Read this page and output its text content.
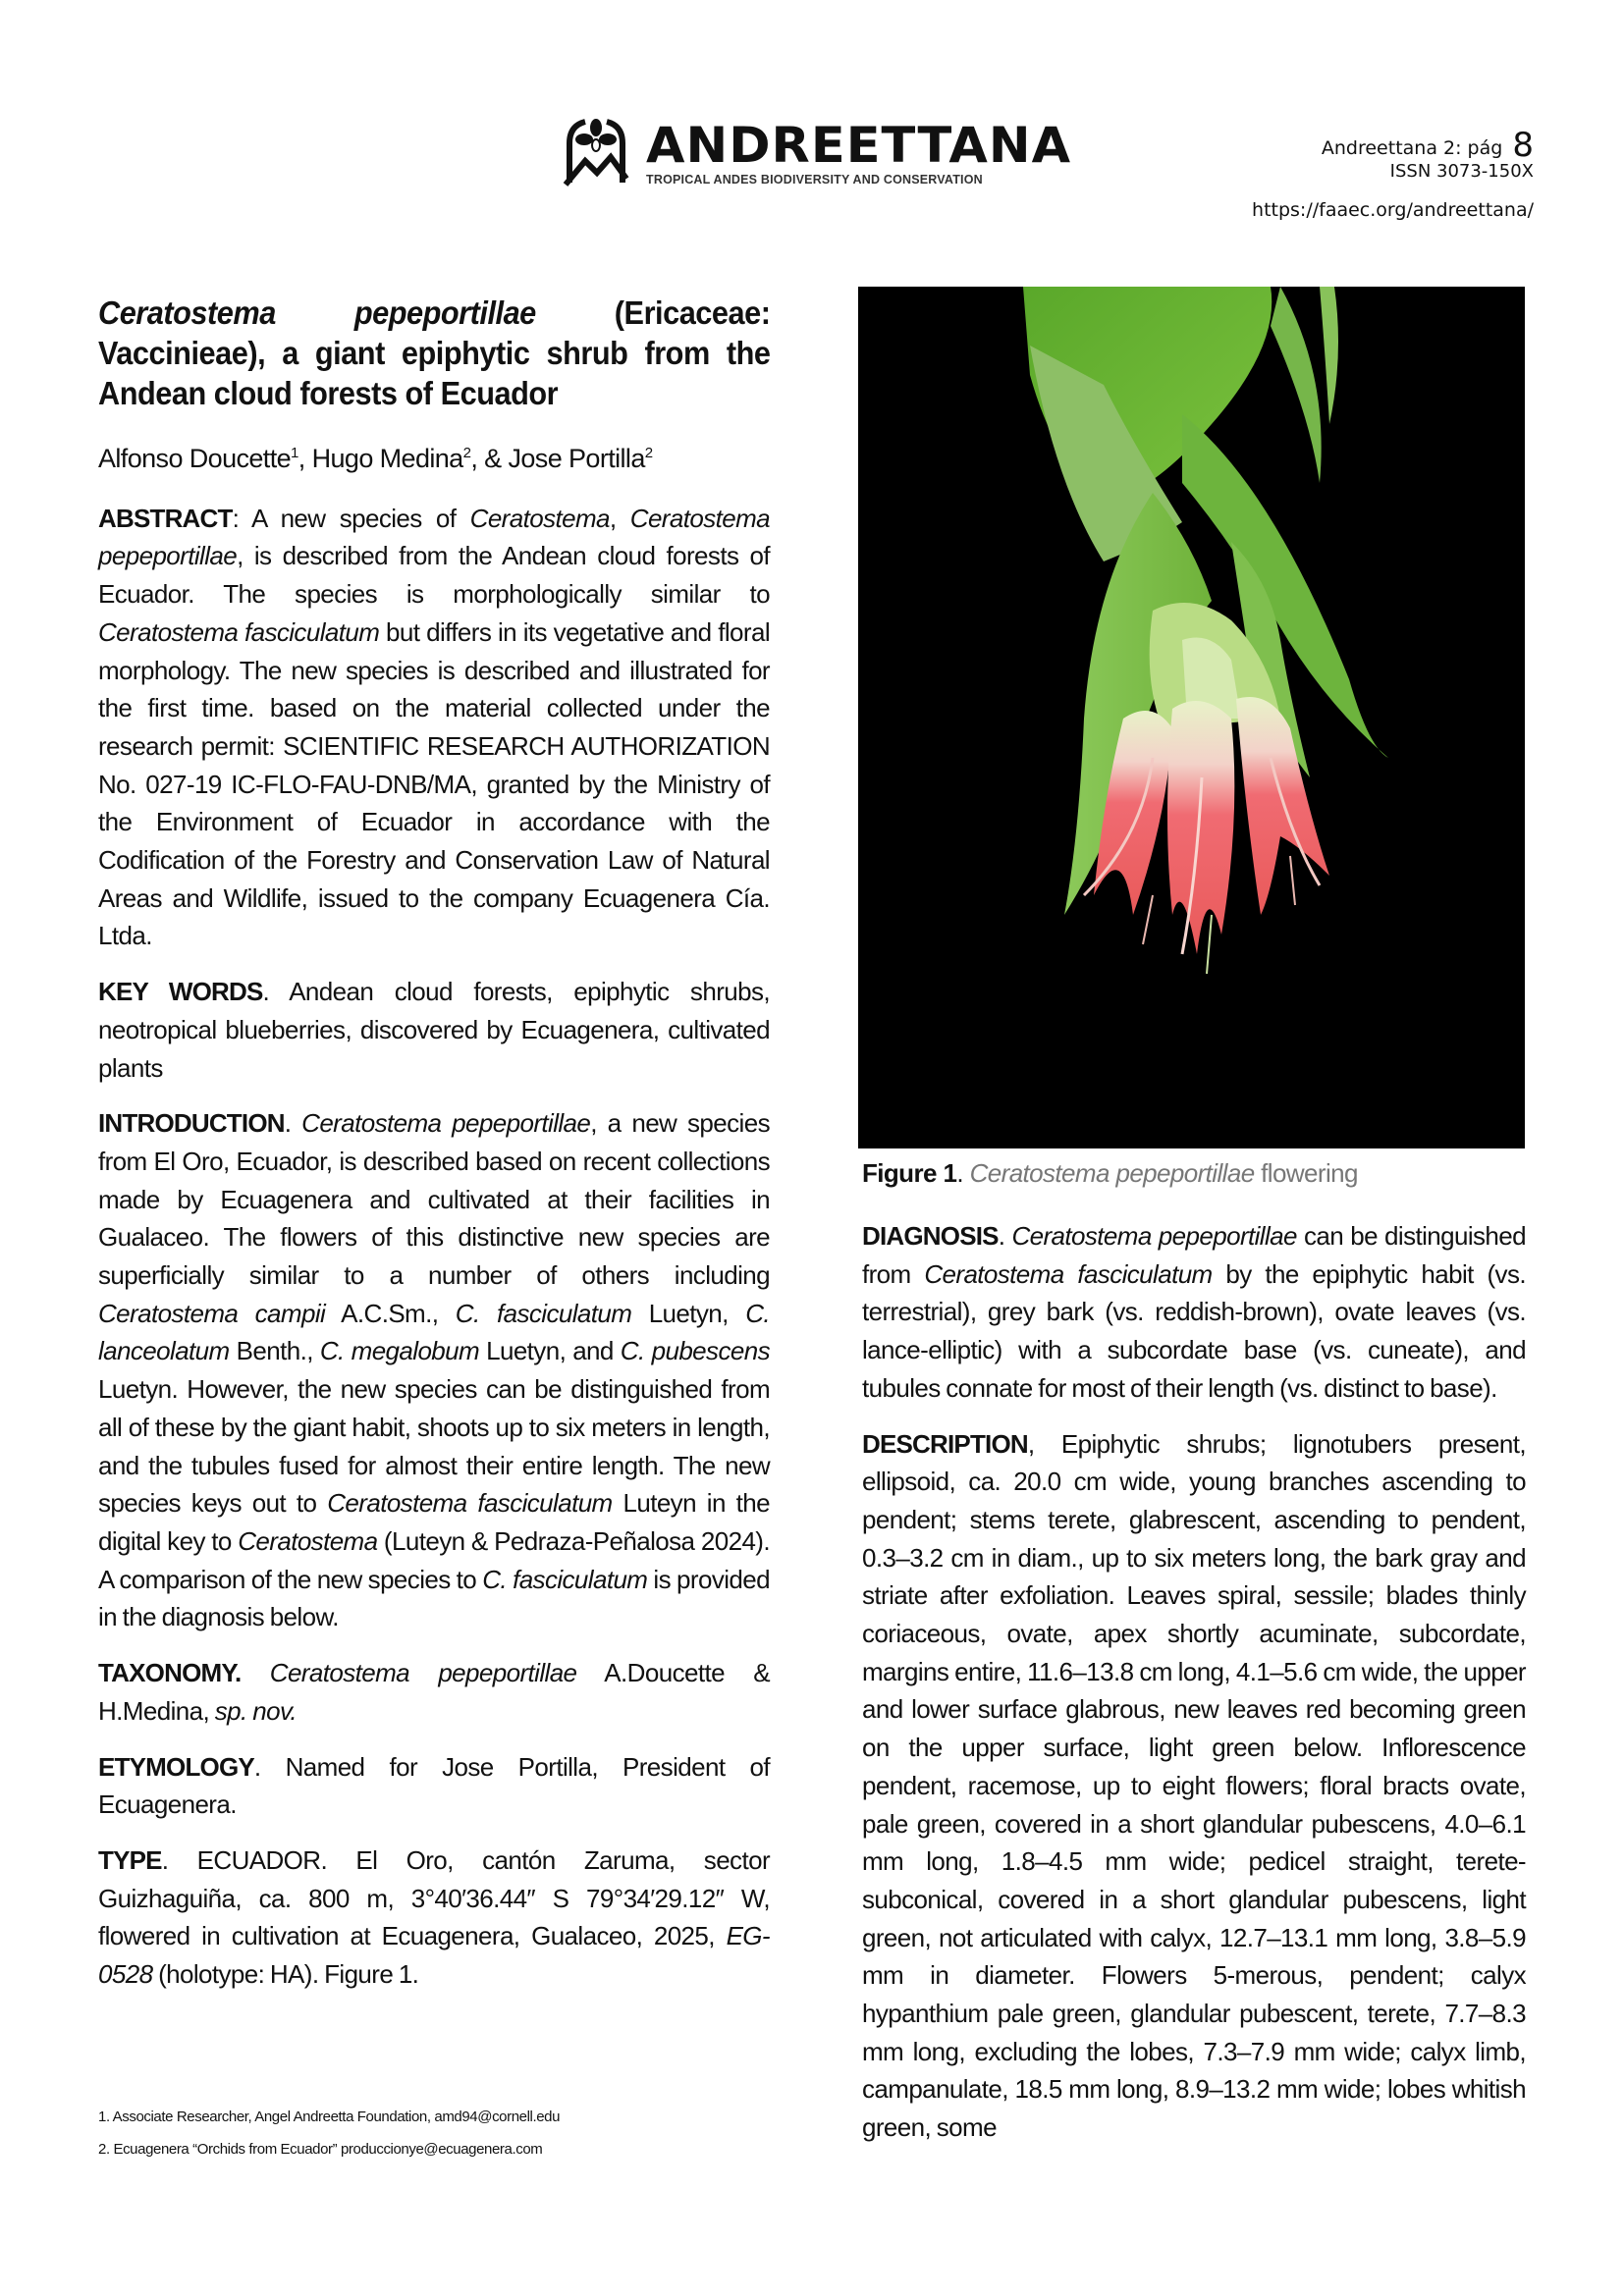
ANDREETTANA
TROPICAL ANDES BIODIVERSITY AND CONSERVATION
Andreettana 2: pág 8
ISSN 3073-150X
https://faaec.org/andreettana/
Ceratostema pepeportillae (Ericaceae: Vaccinieae), a giant epiphytic shrub from the Andean cloud forests of Ecuador
Alfonso Doucette$^1$, Hugo Medina$^2$, & Jose Portilla$^2$

ABSTRACT: A new species of Ceratostema, Ceratostema pepeportillae, is described from the Andean cloud forests of Ecuador. The species is morphologically similar to Ceratostema fasciculatum but differs in its vegetative and floral morphology. The new species is described and illustrated for the first time. based on the material collected under the research permit: SCIENTIFIC RESEARCH AUTHORIZATION No. 027-19 IC-FLO-FAU-DNB/MA, granted by the Ministry of the Environment of Ecuador in accordance with the Codification of the Forestry and Conservation Law of Natural Areas and Wildlife, issued to the company Ecuagenera Cía. Ltda.

KEY WORDS. Andean cloud forests, epiphytic shrubs, neotropical blueberries, discovered by Ecuagenera, cultivated plants

INTRODUCTION. Ceratostema pepeportillae, a new species from El Oro, Ecuador, is described based on recent collections made by Ecuagenera and cultivated at their facilities in Gualaceo. The flowers of this distinctive new species are superficially similar to a number of others including Ceratostema campii A.C.Sm., C. fasciculatum Luetyn, C. lanceolatum Benth., C. megalobum Luetyn, and C. pubescens Luetyn. However, the new species can be distinguished from all of these by the giant habit, shoots up to six meters in length, and the tubules fused for almost their entire length. The new species keys out to Ceratostema fasciculatum Luteyn in the digital key to Ceratostema (Luteyn & Pedraza-Peñalosa 2024). A comparison of the new species to C. fasciculatum is provided in the diagnosis below.

TAXONOMY. Ceratostema pepeportillae A.Doucette & H.Medina, sp. nov.

ETYMOLOGY. Named for Jose Portilla, President of Ecuagenera.

TYPE. ECUADOR. El Oro, cantón Zaruma, sector Guizhaguiña, ca. 800 m, 3°40′36.44″ S 79°34′29.12″ W, flowered in cultivation at Ecuagenera, Gualaceo, 2025, EG-0528 (holotype: HA). Figure 1.

1. Associate Researcher, Angel Andreetta Foundation, amd94@cornell.edu
2. Ecuagenera “Orchids from Ecuador” produccionye@ecuagenera.com
Figure 1. Ceratostema pepeportillae flowering

DIAGNOSIS. Ceratostema pepeportillae can be distinguished from Ceratostema fasciculatum by the epiphytic habit (vs. terrestrial), grey bark (vs. reddish-brown), ovate leaves (vs. lance-elliptic) with a subcordate base (vs. cuneate), and tubules connate for most of their length (vs. distinct to base).

DESCRIPTION, Epiphytic shrubs; lignotubers present, ellipsoid, ca. 20.0 cm wide, young branches ascending to pendent; stems terete, glabrescent, ascending to pendent, 0.3–3.2 cm in diam., up to six meters long, the bark gray and striate after exfoliation. Leaves spiral, sessile; blades thinly coriaceous, ovate, apex shortly acuminate, subcordate, margins entire, 11.6–13.8 cm long, 4.1–5.6 cm wide, the upper and lower surface glabrous, new leaves red becoming green on the upper surface, light green below. Inflorescence pendent, racemose, up to eight flowers; floral bracts ovate, pale green, covered in a short glandular pubescens, 4.0–6.1 mm long, 1.8–4.5 mm wide; pedicel straight, terete-subconical, covered in a short glandular pubescens, light green, not articulated with calyx, 12.7–13.1 mm long, 3.8–5.9 mm in diameter. Flowers 5-merous, pendent; calyx hypanthium pale green, glandular pubescent, terete, 7.7–8.3 mm long, excluding the lobes, 7.3–7.9 mm wide; calyx limb, campanulate, 18.5 mm long, 8.9–13.2 mm wide; lobes whitish green, some
